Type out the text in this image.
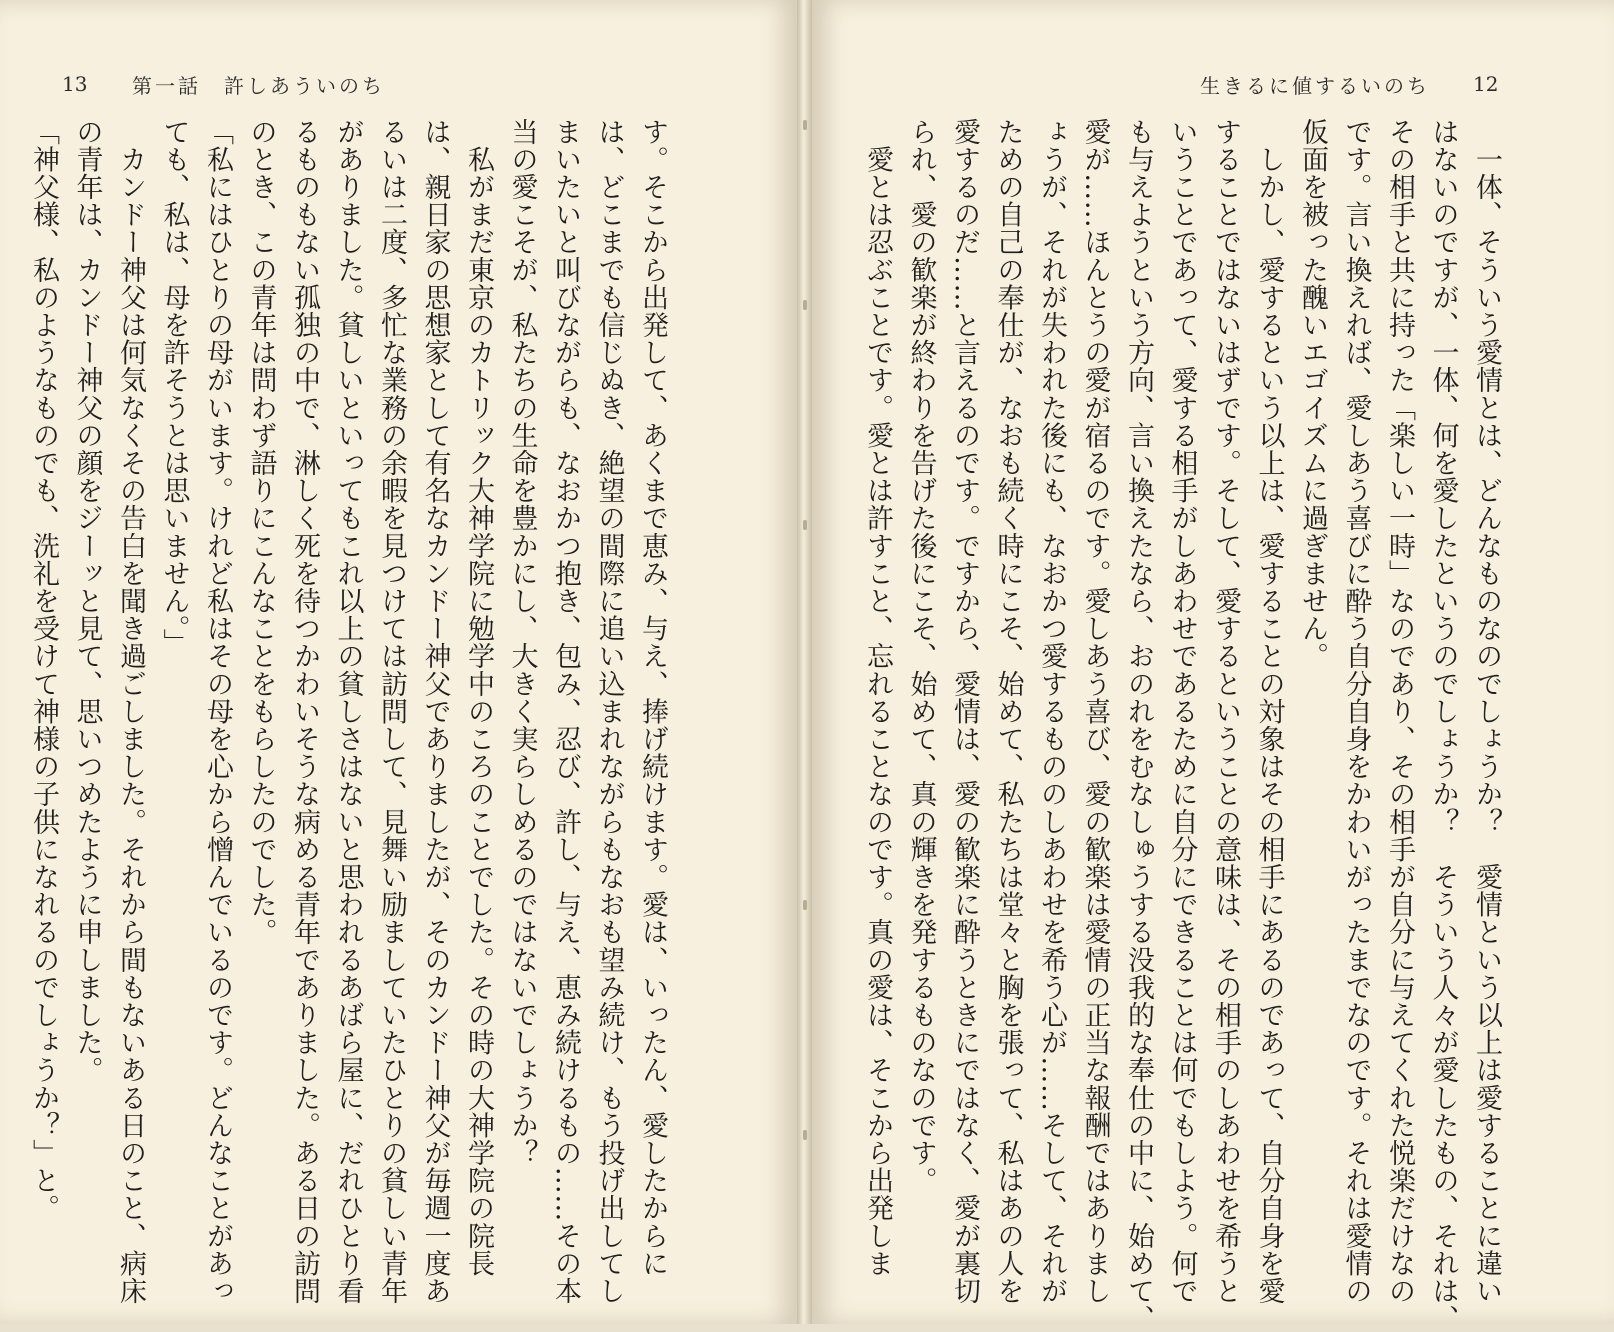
13 第一話　許しあういのち
す。そこから出発して、あくまで恵み、与え、捧げ続けます。愛は、いったん、愛したからに
は、どこまでも信じぬき、絶望の間際に追い込まれながらもなおも望み続け、もう投げ出してし
まいたいと叫びながらも、なおかつ抱き、包み、忍び、許し、与え、恵み続けるもの……その本
当の愛こそが、私たちの生命を豊かにし、大きく実らしめるのではないでしょうか？
　私がまだ東京のカトリック大神学院に勉学中のころのことでした。その時の大神学院の院長
は、親日家の思想家として有名なカンドー神父でありましたが、そのカンドー神父が毎週一度あ
るいは二度、多忙な業務の余暇を見つけては訪問して、見舞い励ましていたひとりの貧しい青年
がありました。貧しいといってもこれ以上の貧しさはないと思われるあばら屋に、だれひとり看
るものもない孤独の中で、淋しく死を待つかわいそうな病める青年でありました。ある日の訪問
のとき、この青年は問わず語りにこんなことをもらしたのでした。
「私にはひとりの母がいます。けれど私はその母を心から憎んでいるのです。どんなことがあっ
ても、私は、母を許そうとは思いません。」
　カンドー神父は何気なくその告白を聞き過ごしました。それから間もないある日のこと、病床
の青年は、カンドー神父の顔をジーッと見て、思いつめたように申しました。
「神父様、私のようなものでも、洗礼を受けて神様の子供になれるのでしょうか？」と。
生きるに値するいのち 12
　一体、そういう愛情とは、どんなものなのでしょうか？　愛情という以上は愛することに違い
はないのですが、一体、何を愛したというのでしょうか？　そういう人々が愛したもの、それは、
その相手と共に持った「楽しい一時」なのであり、その相手が自分に与えてくれた悦楽だけなの
です。言い換えれば、愛しあう喜びに酔う自分自身をかわいがったまでなのです。それは愛情の
仮面を被った醜いエゴイズムに過ぎません。
　しかし、愛するという以上は、愛することの対象はその相手にあるのであって、自分自身を愛
することではないはずです。そして、愛するということの意味は、その相手のしあわせを希うと
いうことであって、愛する相手がしあわせであるために自分にできることは何でもしよう。何で
も与えようという方向、言い換えたなら、おのれをむなしゅうする没我的な奉仕の中に、始めて、
愛が……ほんとうの愛が宿るのです。愛しあう喜び、愛の歓楽は愛情の正当な報酬ではありまし
ょうが、それが失われた後にも、なおかつ愛するもののしあわせを希う心が……そして、それが
ための自己の奉仕が、なおも続く時にこそ、始めて、私たちは堂々と胸を張って、私はあの人を
愛するのだ……と言えるのです。ですから、愛情は、愛の歓楽に酔うときにではなく、愛が裏切
られ、愛の歓楽が終わりを告げた後にこそ、始めて、真の輝きを発するものなのです。
　愛とは忍ぶことです。愛とは許すこと、忘れることなのです。真の愛は、そこから出発しま
